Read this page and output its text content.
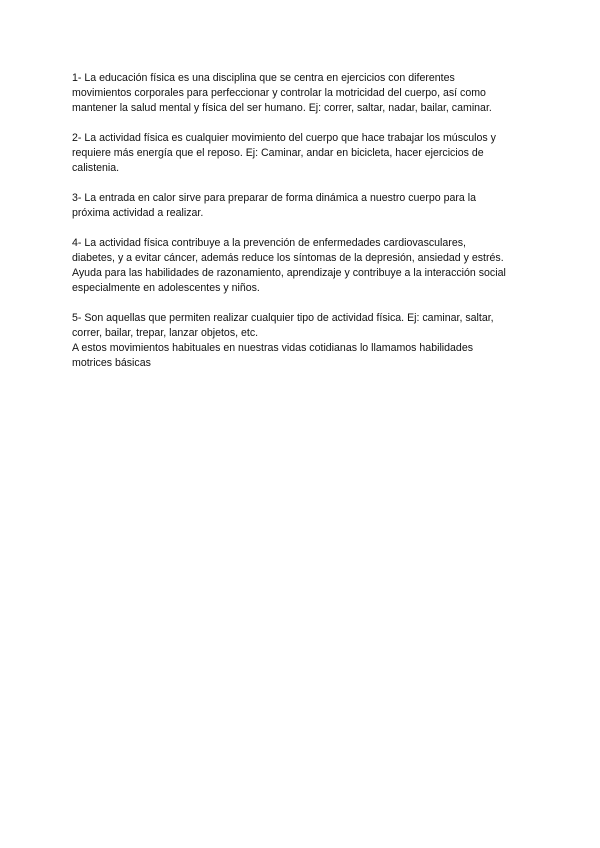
1- La educación física es una disciplina que se centra en ejercicios con diferentes
movimientos corporales para perfeccionar y controlar la motricidad del cuerpo, así como
mantener la salud mental y física del ser humano. Ej: correr, saltar, nadar, bailar, caminar.

2- La actividad física es cualquier movimiento del cuerpo que hace trabajar los músculos y
requiere más energía que el reposo. Ej: Caminar, andar en bicicleta, hacer ejercicios de
calistenia.

3- La entrada en calor sirve para preparar de forma dinámica a nuestro cuerpo para la
próxima actividad a realizar.

4- La actividad física contribuye a la prevención de enfermedades cardiovasculares,
diabetes, y a evitar cáncer, además reduce los síntomas de la depresión, ansiedad y estrés.
Ayuda para las habilidades de razonamiento, aprendizaje y contribuye a la interacción social
especialmente en adolescentes y niños.

5- Son aquellas que permiten realizar cualquier tipo de actividad física. Ej: caminar, saltar,
correr, bailar, trepar, lanzar objetos, etc.
A estos movimientos habituales en nuestras vidas cotidianas lo llamamos habilidades
motrices básicas
